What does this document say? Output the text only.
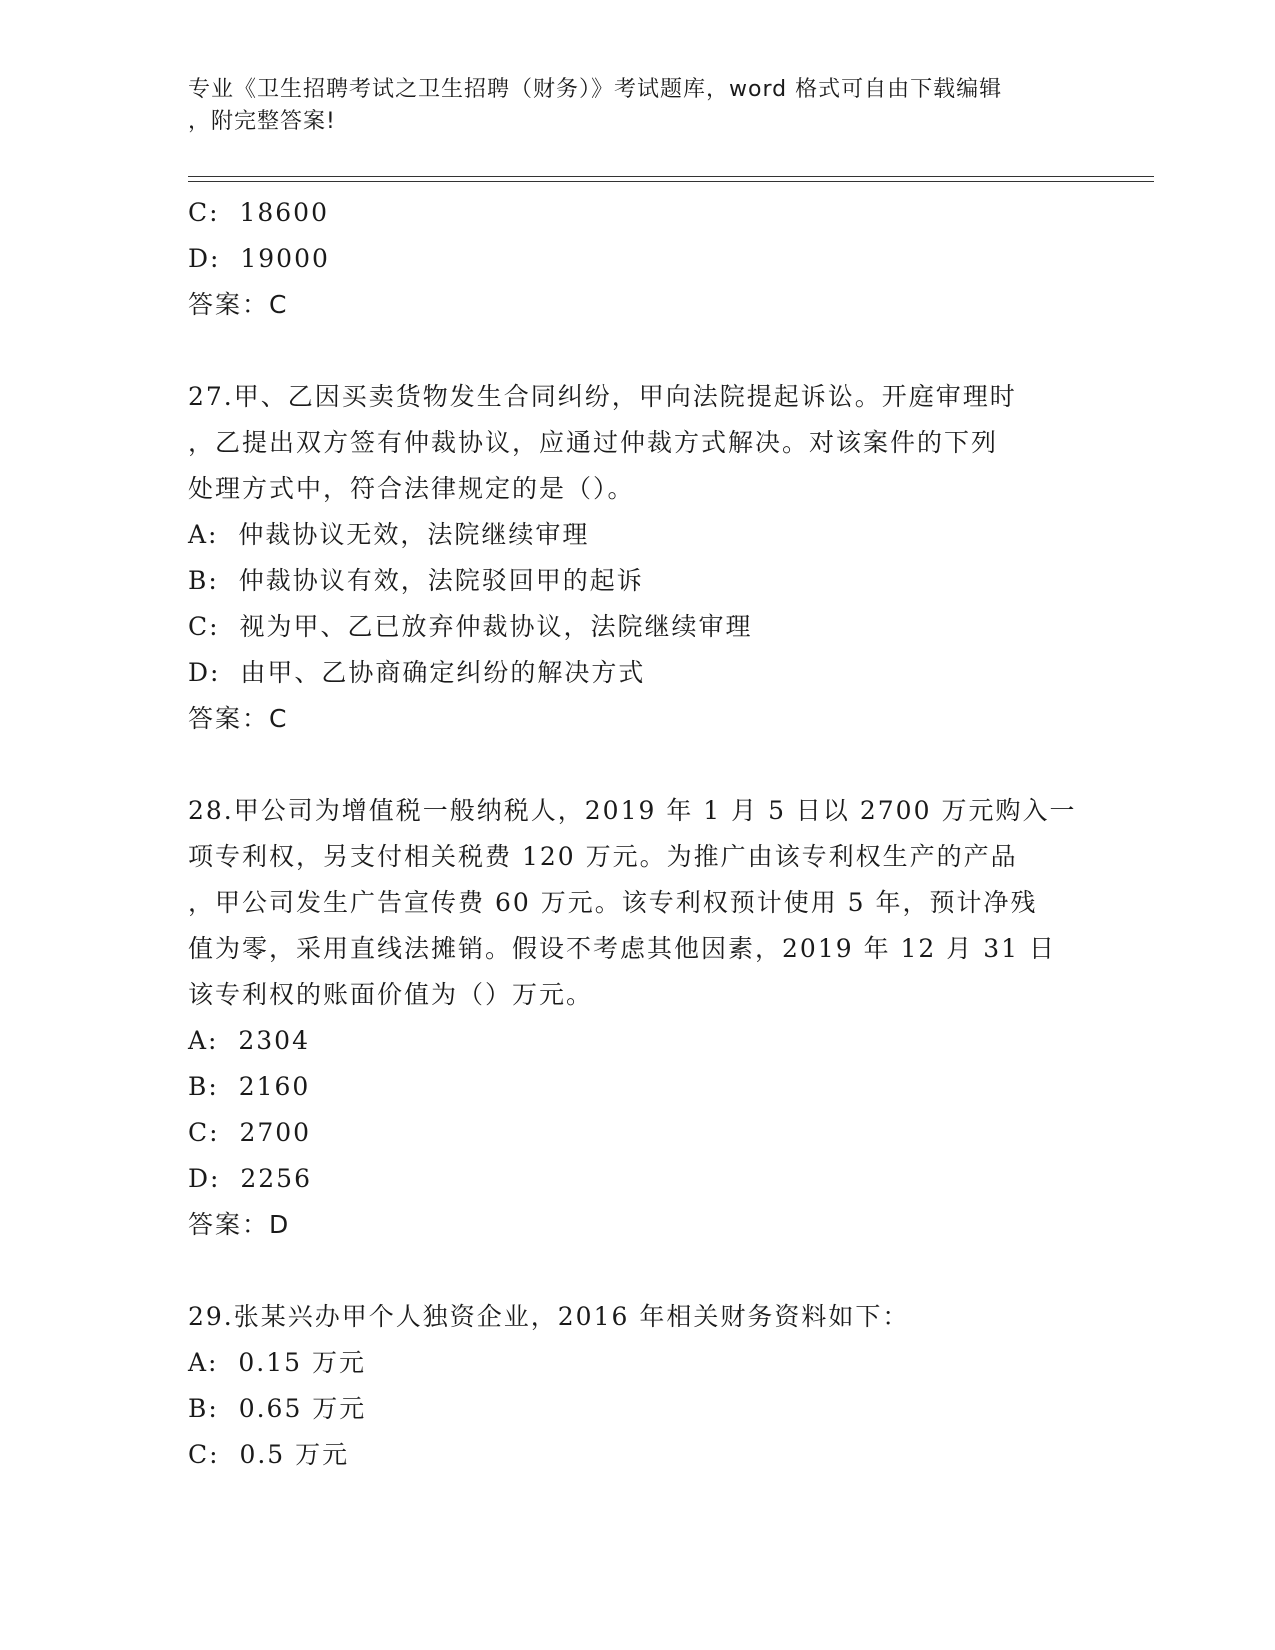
专业《卫生招聘考试之卫生招聘（财务）》考试题库，word 格式可自由下载编辑
，附完整答案!
C:  18600
D:  19000
答案：C
27.甲、乙因买卖货物发生合同纠纷，甲向法院提起诉讼。开庭审理时
，乙提出双方签有仲裁协议，应通过仲裁方式解决。对该案件的下列
处理方式中，符合法律规定的是（）。
A:  仲裁协议无效，法院继续审理
B:  仲裁协议有效，法院驳回甲的起诉
C:  视为甲、乙已放弃仲裁协议，法院继续审理
D:  由甲、乙协商确定纠纷的解决方式
答案：C
28.甲公司为增值税一般纳税人，2019 年 1 月 5 日以 2700 万元购入一
项专利权，另支付相关税费 120 万元。为推广由该专利权生产的产品
，甲公司发生广告宣传费 60 万元。该专利权预计使用 5 年，预计净残
值为零，采用直线法摊销。假设不考虑其他因素，2019 年 12 月 31 日
该专利权的账面价值为（）万元。
A:  2304
B:  2160
C:  2700
D:  2256
答案：D
29.张某兴办甲个人独资企业，2016 年相关财务资料如下：
A:  0.15 万元
B:  0.65 万元
C:  0.5 万元
